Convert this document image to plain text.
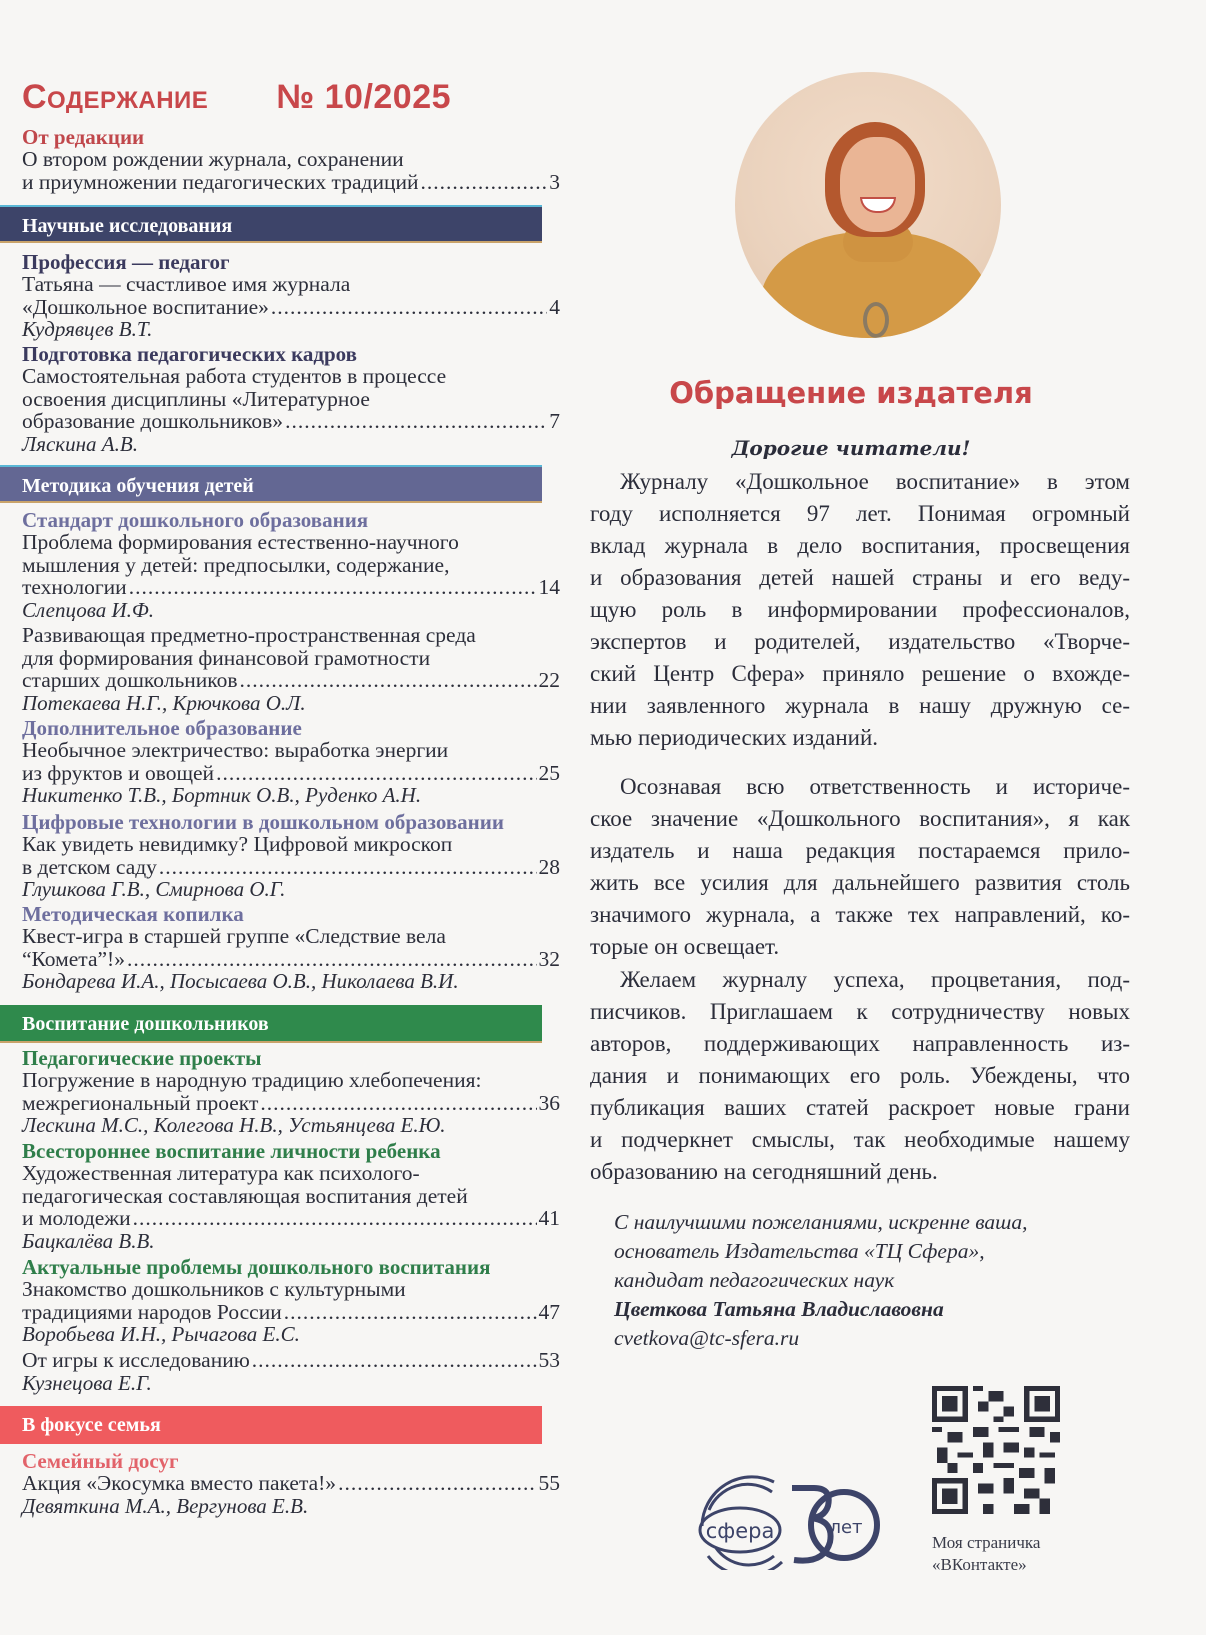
Содержание № 10/2025
От редакции
О втором рождении журнала, сохранении
и приумножении педагогических традиций .....	3
Научные исследования
Профессия — педагог
Татьяна — счастливое имя журнала
«Дошкольное воспитание» .....	4
Кудрявцев В.Т.
Подготовка педагогических кадров
Самостоятельная работа студентов в процессе
освоения дисциплины «Литературное
образование дошкольников» .....	7
Ляскина А.В.
Методика обучения детей
Стандарт дошкольного образования
Проблема формирования естественно-научного
мышления у детей: предпосылки, содержание,
технологии .....	14
Слепцова И.Ф.
Развивающая предметно-пространственная среда
для формирования финансовой грамотности
старших дошкольников .....	22
Потекаева Н.Г., Крючкова О.Л.
Дополнительное образование
Необычное электричество: выработка энергии
из фруктов и овощей .....	25
Никитенко Т.В., Бортник О.В., Руденко А.Н.
Цифровые технологии в дошкольном образовании
Как увидеть невидимку? Цифровой микроскоп
в детском саду .....	28
Глушкова Г.В., Смирнова О.Г.
Методическая копилка
Квест-игра в старшей группе «Следствие вела
“Комета”!» .....	32
Бондарева И.А., Посысаева О.В., Николаева В.И.
Воспитание дошкольников
Педагогические проекты
Погружение в народную традицию хлебопечения:
межрегиональный проект .....	36
Лескина М.С., Колегова Н.В., Устьянцева Е.Ю.
Всестороннее воспитание личности ребенка
Художественная литература как психолого-
педагогическая составляющая воспитания детей
и молодежи .....	41
Бацкалёва В.В.
Актуальные проблемы дошкольного воспитания
Знакомство дошкольников с культурными
традициями народов России .....	47
Воробьева И.Н., Рычагова Е.С.
От игры к исследованию .....	53
Кузнецова Е.Г.
В фокусе семья
Семейный досуг
Акция «Экосумка вместо пакета!» .....	55
Девяткина М.А., Вергунова Е.В.
Обращение издателя
Дорогие читатели!
Журналу «Дошкольное воспитание» в этом
году исполняется 97 лет. Понимая огромный
вклад журнала в дело воспитания, просвещения
и образования детей нашей страны и его веду-
щую роль в информировании профессионалов,
экспертов и родителей, издательство «Творче-
ский Центр Сфера» приняло решение о вхожде-
нии заявленного журнала в нашу дружную се-
мью периодических изданий.
Осознавая всю ответственность и историче-
ское значение «Дошкольного воспитания», я как
издатель и наша редакция постараемся прило-
жить все усилия для дальнейшего развития столь
значимого журнала, а также тех направлений, ко-
торые он освещает.
Желаем журналу успеха, процветания, под-
писчиков. Приглашаем к сотрудничеству новых
авторов, поддерживающих направленность из-
дания и понимающих его роль. Убеждены, что
публикация ваших статей раскроет новые грани
и подчеркнет смыслы, так необходимые нашему
образованию на сегодняшний день.
С наилучшими пожеланиями, искренне ваша,
основатель Издательства «ТЦ Сфера»,
кандидат педагогических наук
Цветкова Татьяна Владиславовна
cvetkova@tc-sfera.ru
сфера	лет
30
Моя страничка
«ВКонтакте»
